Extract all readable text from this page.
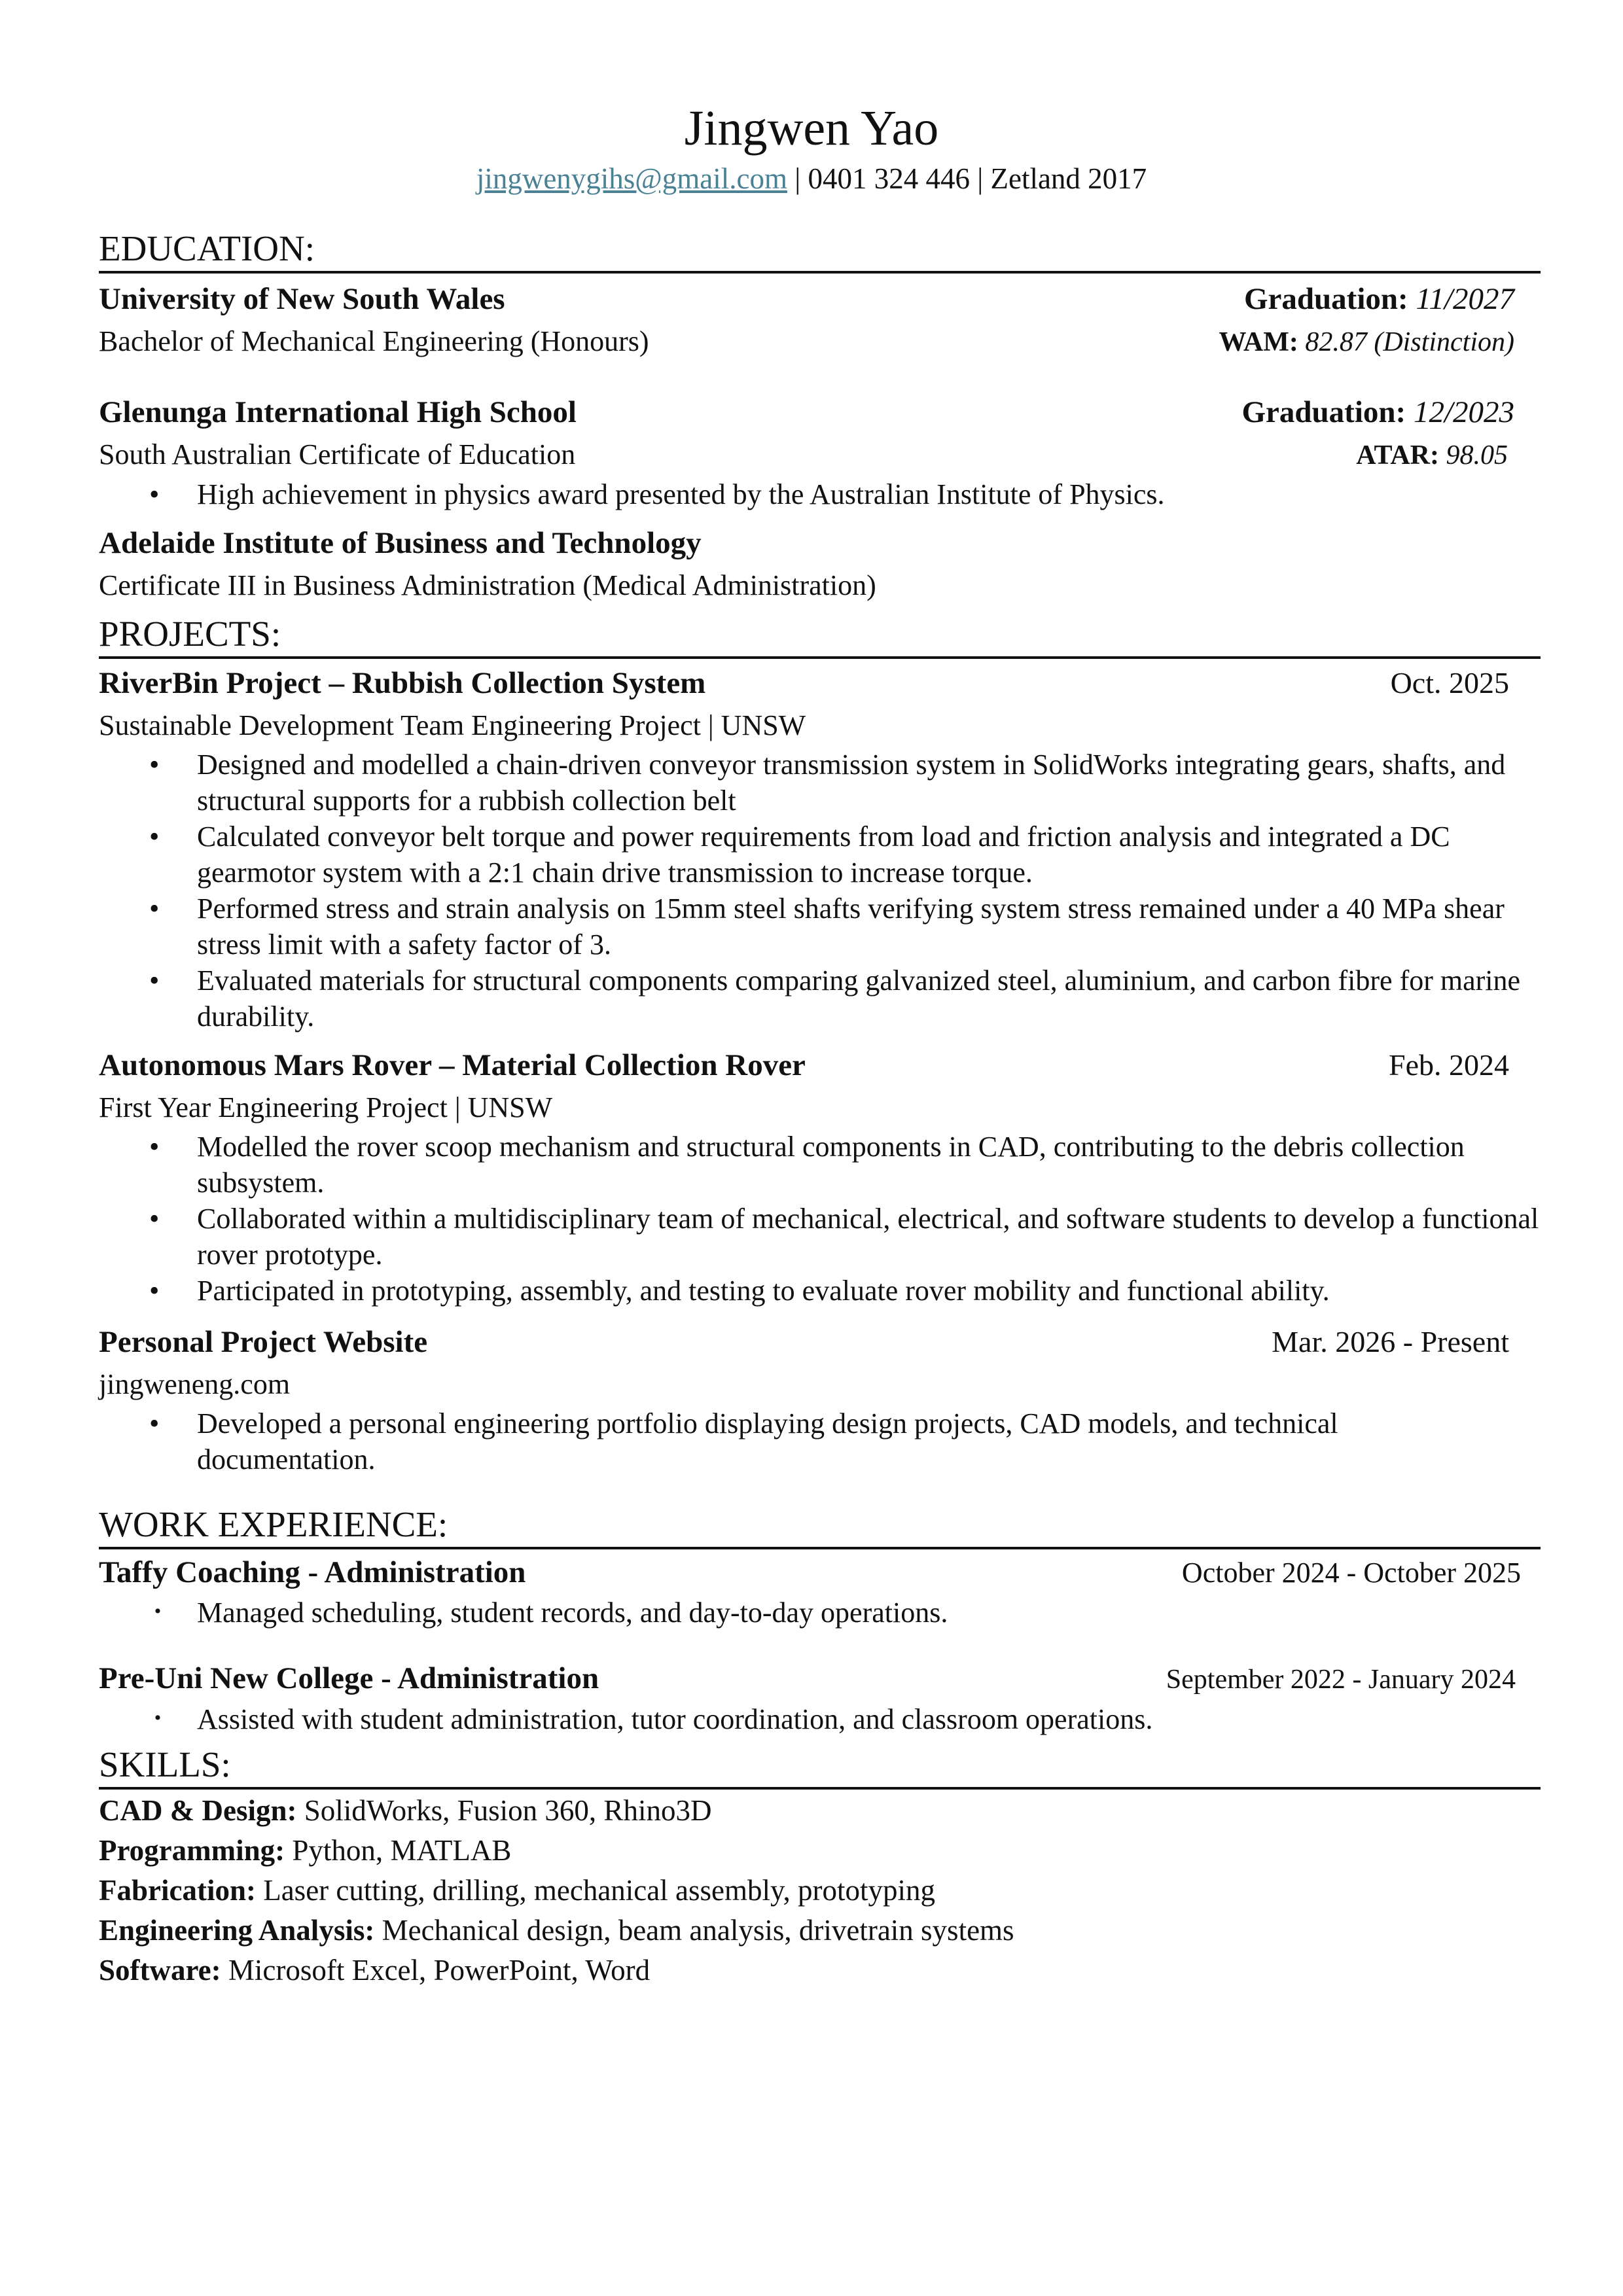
Jingwen Yao
jingwenygihs@gmail.com | 0401 324 446 | Zetland 2017
EDUCATION:
University of New South Wales	Graduation: 11/2027
Bachelor of Mechanical Engineering (Honours)	WAM: 82.87 (Distinction)
Glenunga International High School	Graduation: 12/2023
South Australian Certificate of Education	ATAR: 98.05
• High achievement in physics award presented by the Australian Institute of Physics.
Adelaide Institute of Business and Technology
Certificate III in Business Administration (Medical Administration)
PROJECTS:
RiverBin Project – Rubbish Collection System	Oct. 2025
Sustainable Development Team Engineering Project | UNSW
• Designed and modelled a chain-driven conveyor transmission system in SolidWorks integrating gears, shafts, and structural supports for a rubbish collection belt
• Calculated conveyor belt torque and power requirements from load and friction analysis and integrated a DC gearmotor system with a 2:1 chain drive transmission to increase torque.
• Performed stress and strain analysis on 15mm steel shafts verifying system stress remained under a 40 MPa shear stress limit with a safety factor of 3.
• Evaluated materials for structural components comparing galvanized steel, aluminium, and carbon fibre for marine durability.
Autonomous Mars Rover – Material Collection Rover	Feb. 2024
First Year Engineering Project | UNSW
• Modelled the rover scoop mechanism and structural components in CAD, contributing to the debris collection subsystem.
• Collaborated within a multidisciplinary team of mechanical, electrical, and software students to develop a functional rover prototype.
• Participated in prototyping, assembly, and testing to evaluate rover mobility and functional ability.
Personal Project Website	Mar. 2026 - Present
jingweneng.com
• Developed a personal engineering portfolio displaying design projects, CAD models, and technical documentation.
WORK EXPERIENCE:
Taffy Coaching - Administration	October 2024 - October 2025
· Managed scheduling, student records, and day-to-day operations.
Pre-Uni New College - Administration	September 2022 - January 2024
· Assisted with student administration, tutor coordination, and classroom operations.
SKILLS:
CAD & Design: SolidWorks, Fusion 360, Rhino3D
Programming: Python, MATLAB
Fabrication: Laser cutting, drilling, mechanical assembly, prototyping
Engineering Analysis: Mechanical design, beam analysis, drivetrain systems
Software: Microsoft Excel, PowerPoint, Word
